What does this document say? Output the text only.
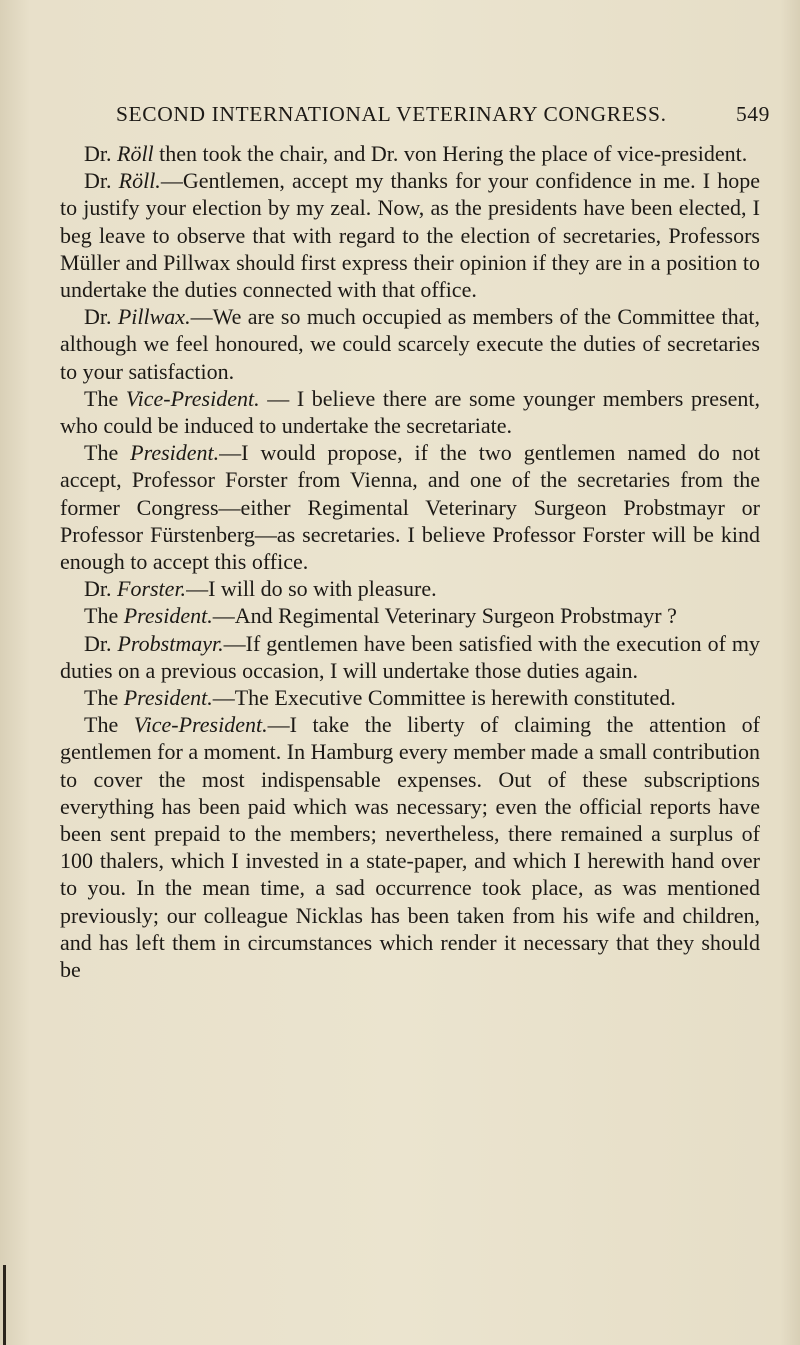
SECOND INTERNATIONAL VETERINARY CONGRESS.	549

Dr. Röll then took the chair, and Dr. von Hering the place of vice-president.

Dr. Röll.—Gentlemen, accept my thanks for your confidence in me. I hope to justify your election by my zeal. Now, as the presidents have been elected, I beg leave to observe that with regard to the election of secretaries, Professors Müller and Pillwax should first express their opinion if they are in a position to undertake the duties connected with that office.

Dr. Pillwax.—We are so much occupied as members of the Committee that, although we feel honoured, we could scarcely execute the duties of secretaries to your satisfaction.

The Vice-President. — I believe there are some younger members present, who could be induced to undertake the secretariate.

The President.—I would propose, if the two gentlemen named do not accept, Professor Forster from Vienna, and one of the secretaries from the former Congress—either Regimental Veterinary Surgeon Probstmayr or Professor Fürstenberg—as secretaries. I believe Professor Forster will be kind enough to accept this office.

Dr. Forster.—I will do so with pleasure.

The President.—And Regimental Veterinary Surgeon Probstmayr ?

Dr. Probstmayr.—If gentlemen have been satisfied with the execution of my duties on a previous occasion, I will undertake those duties again.

The President.—The Executive Committee is herewith constituted.

The Vice-President.—I take the liberty of claiming the attention of gentlemen for a moment. In Hamburg every member made a small contribution to cover the most indispensable expenses. Out of these subscriptions everything has been paid which was necessary; even the official reports have been sent prepaid to the members; nevertheless, there remained a surplus of 100 thalers, which I invested in a state-paper, and which I herewith hand over to you. In the mean time, a sad occurrence took place, as was mentioned previously; our colleague Nicklas has been taken from his wife and children, and has left them in circumstances which render it necessary that they should be
